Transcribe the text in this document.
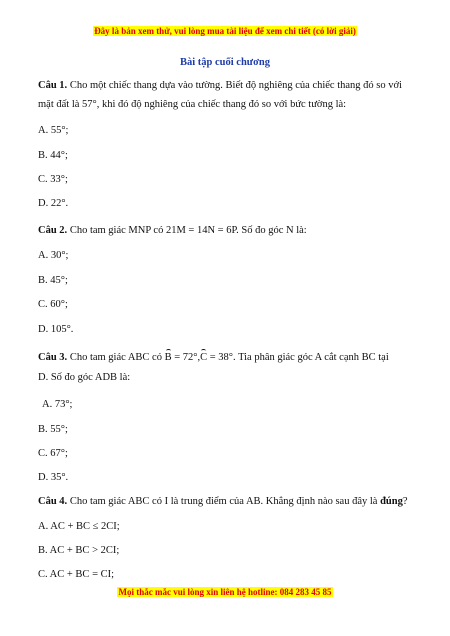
Đây là bản xem thử, vui lòng mua tài liệu để xem chi tiết (có lời giải)
Bài tập cuối chương
Câu 1. Cho một chiếc thang dựa vào tường. Biết độ nghiêng của chiếc thang đó so với
mặt đất là 57°, khi đó độ nghiêng của chiếc thang đó so với bức tường là:
A. 55°;
B. 44°;
C. 33°;
D. 22°.
Câu 2. Cho tam giác MNP có 21M = 14N = 6P. Số đo góc N là:
A. 30°;
B. 45°;
C. 60°;
D. 105°.
Câu 3. Cho tam giác ABC có B = 72°,C = 38°. Tia phân giác góc A cắt cạnh BC tại
D. Số đo góc ADB là:
A. 73°;
B. 55°;
C. 67°;
D. 35°.
Câu 4. Cho tam giác ABC có I là trung điểm của AB. Khẳng định nào sau đây là đúng?
A. AC + BC ≤ 2CI;
B. AC + BC > 2CI;
C. AC + BC = CI;
Mọi thắc mắc vui lòng xin liên hệ hotline: 084 283 45 85
